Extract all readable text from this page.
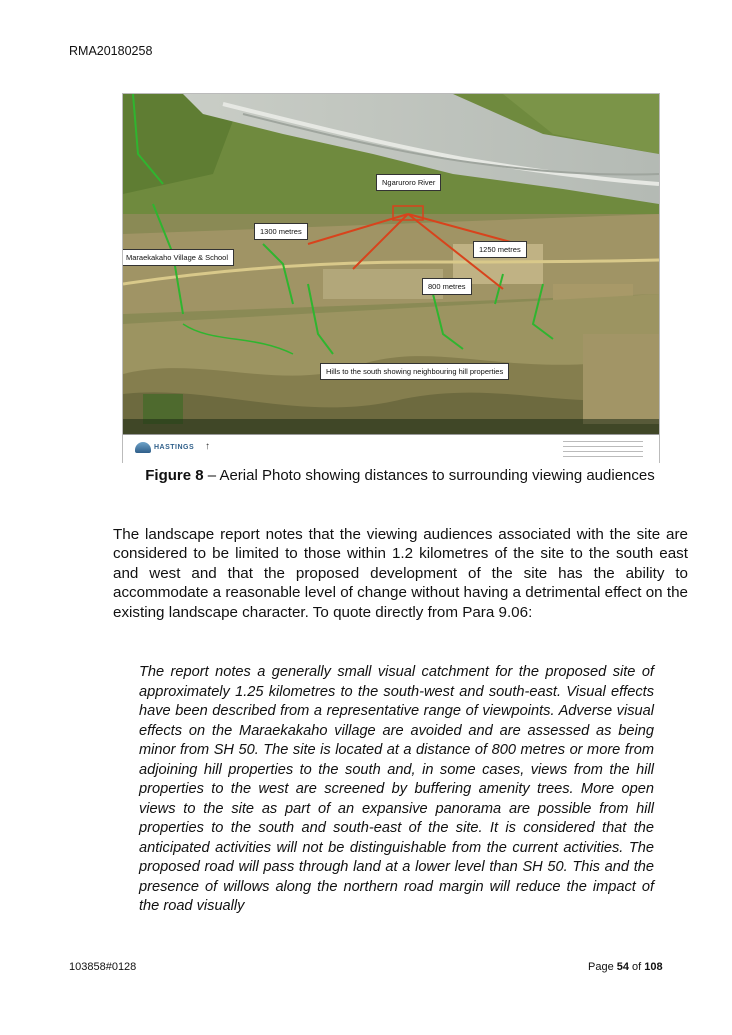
RMA20180258
Ngaruroro River
1300 metres
Maraekakaho Village & School
1250 metres
800 metres
Hills to the south showing neighbouring hill properties
HASTINGS ↑
Figure 8 – Aerial Photo showing distances to surrounding viewing audiences
The landscape report notes that the viewing audiences associated with the site are considered to be limited to those within 1.2 kilometres of the site to the south east and west and that the proposed development of the site has the ability to accommodate a reasonable level of change without having a detrimental effect on the existing landscape character. To quote directly from Para 9.06:
The report notes a generally small visual catchment for the proposed site of approximately 1.25 kilometres to the south-west and south-east. Visual effects have been described from a representative range of viewpoints. Adverse visual effects on the Maraekakaho village are avoided and are assessed as being minor from SH 50. The site is located at a distance of 800 metres or more from adjoining hill properties to the south and, in some cases, views from the hill properties to the west are screened by buffering amenity trees. More open views to the site as part of an expansive panorama are possible from hill properties to the south and south-east of the site. It is considered that the anticipated activities will not be distinguishable from the current activities. The proposed road will pass through land at a lower level than SH 50. This and the presence of willows along the northern road margin will reduce the impact of the road visually
103858#0128	Page 54 of 108
